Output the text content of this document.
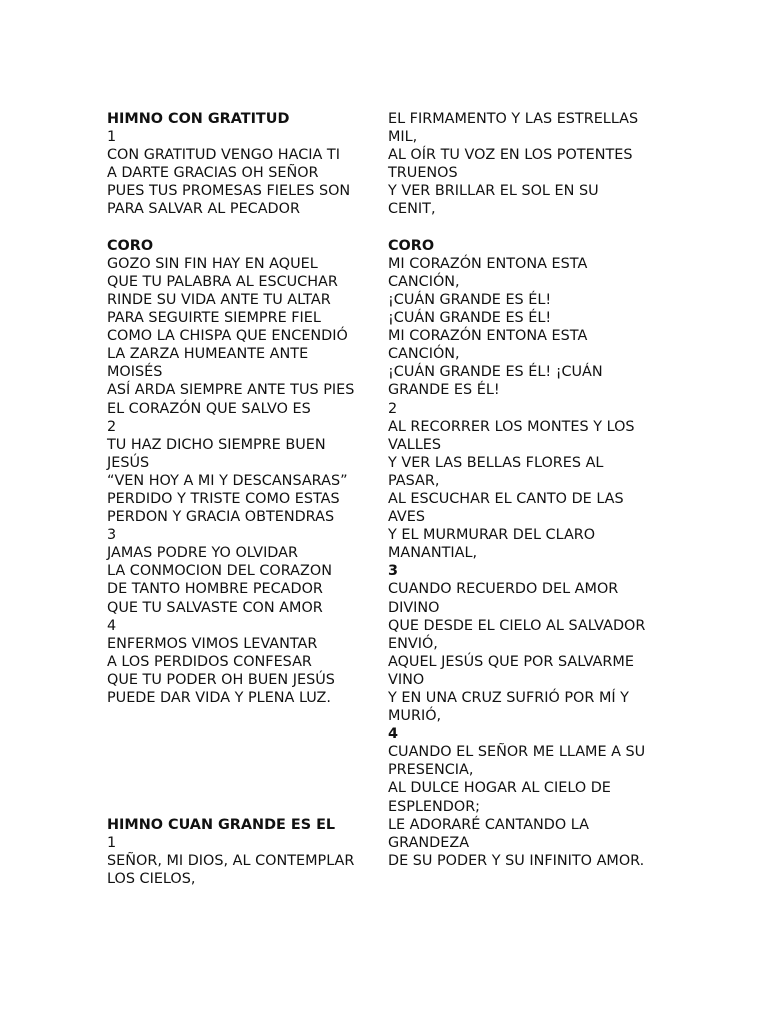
HIMNO CON GRATITUD
1
CON GRATITUD VENGO HACIA TI
A DARTE GRACIAS OH SEÑOR
PUES TUS PROMESAS FIELES SON
PARA SALVAR AL PECADOR
CORO
GOZO SIN FIN HAY EN AQUEL
QUE TU PALABRA AL ESCUCHAR
RINDE SU VIDA ANTE TU ALTAR
PARA SEGUIRTE SIEMPRE FIEL
COMO LA CHISPA QUE ENCENDIÓ
LA ZARZA HUMEANTE ANTE
MOISÉS
ASÍ ARDA SIEMPRE ANTE TUS PIES
EL CORAZÓN QUE SALVO ES
2
TU HAZ DICHO SIEMPRE BUEN
JESÚS
“VEN HOY A MI Y DESCANSARAS”
PERDIDO Y TRISTE COMO ESTAS
PERDON Y GRACIA OBTENDRAS
3
JAMAS PODRE YO OLVIDAR
LA CONMOCION DEL CORAZON
DE TANTO HOMBRE PECADOR
QUE TU SALVASTE CON AMOR
4
ENFERMOS VIMOS LEVANTAR
A LOS PERDIDOS CONFESAR
QUE TU PODER OH BUEN JESÚS
PUEDE DAR VIDA Y PLENA LUZ.
HIMNO CUAN GRANDE ES EL
1
SEÑOR, MI DIOS, AL CONTEMPLAR
LOS CIELOS,
EL FIRMAMENTO Y LAS ESTRELLAS
MIL,
AL OÍR TU VOZ EN LOS POTENTES
TRUENOS
Y VER BRILLAR EL SOL EN SU
CENIT,
CORO
MI CORAZÓN ENTONA ESTA
CANCIÓN,
¡CUÁN GRANDE ES ÉL!
¡CUÁN GRANDE ES ÉL!
MI CORAZÓN ENTONA ESTA
CANCIÓN,
¡CUÁN GRANDE ES ÉL! ¡CUÁN
GRANDE ES ÉL!
2
AL RECORRER LOS MONTES Y LOS
VALLES
Y VER LAS BELLAS FLORES AL
PASAR,
AL ESCUCHAR EL CANTO DE LAS
AVES
Y EL MURMURAR DEL CLARO
MANANTIAL,
3
CUANDO RECUERDO DEL AMOR
DIVINO
QUE DESDE EL CIELO AL SALVADOR
ENVIÓ,
AQUEL JESÚS QUE POR SALVARME
VINO
Y EN UNA CRUZ SUFRIÓ POR MÍ Y
MURIÓ,
4
CUANDO EL SEÑOR ME LLAME A SU
PRESENCIA,
AL DULCE HOGAR AL CIELO DE
ESPLENDOR;
LE ADORARÉ CANTANDO LA
GRANDEZA
DE SU PODER Y SU INFINITO AMOR.
